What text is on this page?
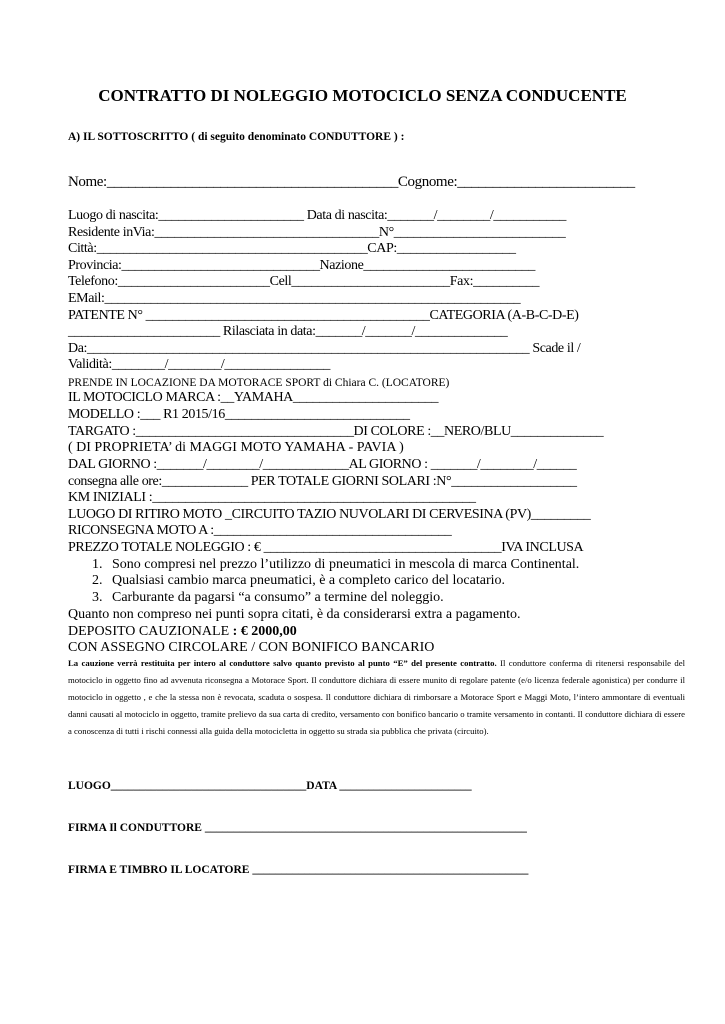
CONTRATTO DI NOLEGGIO MOTOCICLO SENZA CONDUCENTE
A) IL SOTTOSCRITTO ( di seguito denominato CONDUTTORE ) :
Nome:_________________________________________Cognome:_________________________
Luogo di nascita:______________________ Data di nascita:_______/________/___________
Residente inVia:__________________________________N°__________________________
Città:_________________________________________CAP:__________________
Provincia:______________________________Nazione__________________________
Telefono:_______________________Cell________________________Fax:__________
EMail:_______________________________________________________________
PATENTE N° ___________________________________________CATEGORIA (A-B-C-D-E)
_______________________ Rilasciata in data:_______/_______/______________
Da:___________________________________________________________________ Scade il /
Validità:________/________/________________
PRENDE IN LOCAZIONE DA MOTORACE SPORT di Chiara C. (LOCATORE)
IL MOTOCICLO MARCA :__YAMAHA______________________
MODELLO :___ R1 2015/16____________________________
TARGATO :_________________________________DI COLORE :__NERO/BLU______________
( DI PROPRIETA’ di MAGGI MOTO YAMAHA - PAVIA )
DAL GIORNO :_______/________/_____________AL GIORNO : _______/________/______
consegna alle ore:_____________ PER TOTALE GIORNI SOLARI :N°___________________
KM INIZIALI :_________________________________________________
LUOGO DI RITIRO MOTO _CIRCUITO TAZIO NUVOLARI DI CERVESINA (PV)_________
RICONSEGNA MOTO A :____________________________________
PREZZO TOTALE NOLEGGIO : € ____________________________________IVA INCLUSA
1. Sono compresi nel prezzo l’utilizzo di pneumatici in mescola di marca Continental.
2. Qualsiasi cambio marca pneumatici, è a completo carico del locatario.
3. Carburante da pagarsi “a consumo” a termine del noleggio.
Quanto non compreso nei punti sopra citati, è da considerarsi extra a pagamento.
DEPOSITO CAUZIONALE : € 2000,00
CON ASSEGNO CIRCOLARE / CON BONIFICO BANCARIO
La cauzione verrà restituita per intero al conduttore salvo quanto previsto al punto “E” del presente contratto. Il conduttore conferma di ritenersi responsabile del motociclo in oggetto fino ad avvenuta riconsegna a Motorace Sport. Il conduttore dichiara di essere munito di regolare patente (e/o licenza federale agonistica) per condurre il motociclo in oggetto , e che la stessa non è revocata, scaduta o sospesa. Il conduttore dichiara di rimborsare a Motorace Sport e Maggi Moto, l’intero ammontare di eventuali danni causati al motociclo in oggetto, tramite prelievo da sua carta di credito, versamento con bonifico bancario o tramite versamento in contanti. Il conduttore dichiara di essere a conoscenza di tutti i rischi connessi alla guida della motocicletta in oggetto su strada sia pubblica che privata (circuito).
LUOGO__________________________________DATA _______________________
FIRMA Il CONDUTTORE ________________________________________________________
FIRMA E TIMBRO IL LOCATORE ________________________________________________
